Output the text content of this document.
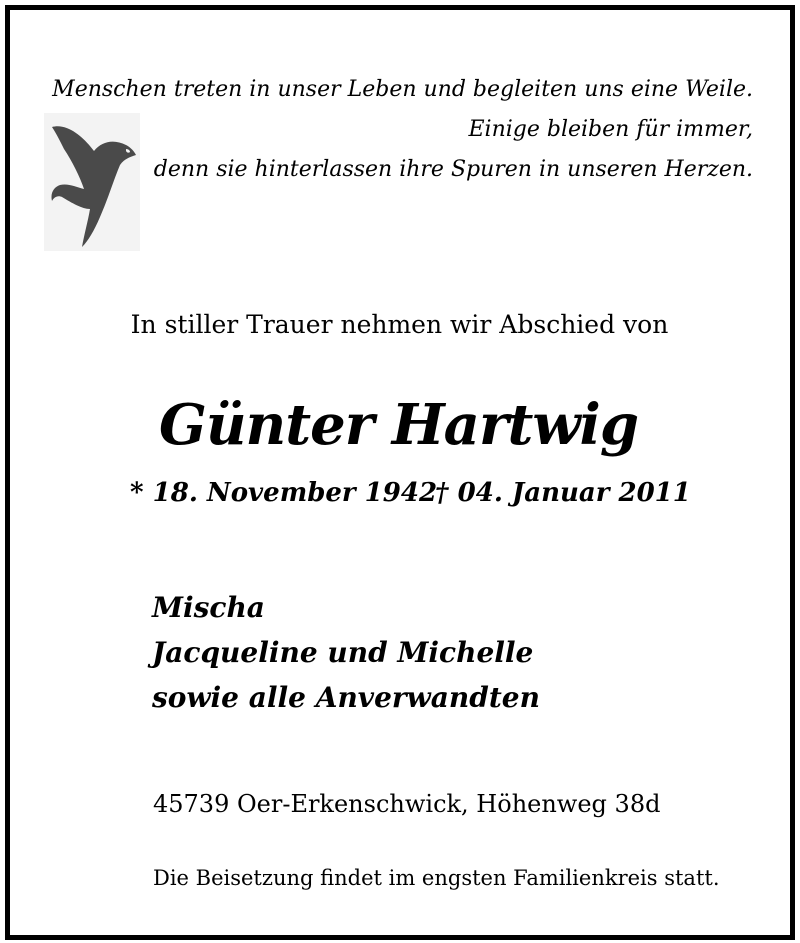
Menschen treten in unser Leben und begleiten uns eine Weile.
Einige bleiben für immer,
denn sie hinterlassen ihre Spuren in unseren Herzen.
In stiller Trauer nehmen wir Abschied von
Günter Hartwig
* 18. November 1942
† 04. Januar 2011
Mischa
Jacqueline und Michelle
sowie alle Anverwandten
45739 Oer-Erkenschwick, Höhenweg 38d
Die Beisetzung findet im engsten Familienkreis statt.
